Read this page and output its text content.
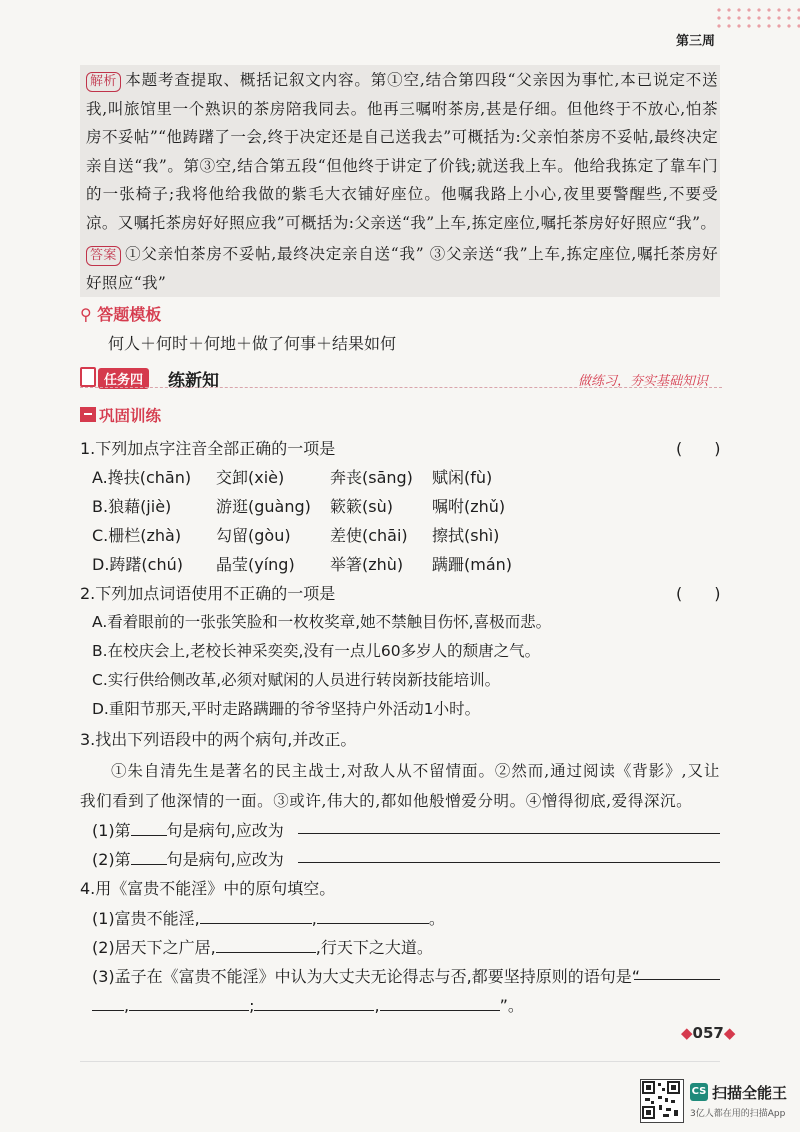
第三周
解析 本题考查提取、概括记叙文内容。第①空,结合第四段“父亲因为事忙,本已说定不送我,叫旅馆里一个熟识的茶房陪我同去。他再三嘱咐茶房,甚是仔细。但他终于不放心,怕茶房不妥帖”“他踌躇了一会,终于决定还是自己送我去”可概括为:父亲怕茶房不妥帖,最终决定亲自送“我”。第③空,结合第五段“但他终于讲定了价钱;就送我上车。他给我拣定了靠车门的一张椅子;我将他给我做的紫毛大衣铺好座位。他嘱我路上小心,夜里要警醒些,不要受凉。又嘱托茶房好好照应我”可概括为:父亲送“我”上车,拣定座位,嘱托茶房好好照应“我”。
答案 ①父亲怕茶房不妥帖,最终决定亲自送“我” ③父亲送“我”上车,拣定座位,嘱托茶房好好照应“我”
⚲ 答题模板
何人＋何时＋何地＋做了何事＋结果如何
任务四	练新知	做练习，夯实基础知识
巩固训练
1.下列加点字注音全部正确的一项是	(　　)
A.搀扶(chān) 交卸(xiè)	奔丧(sāng) 赋闲(fù)
B.狼藉(jiè)	游逛(guàng) 簌簌(sù) 嘱咐(zhǔ)
C.栅栏(zhà) 勾留(gòu) 差使(chāi) 擦拭(shì)
D.踌躇(chú) 晶莹(yíng) 举箸(zhù) 蹒跚(mán)
2.下列加点词语使用不正确的一项是	(　　)
A.看着眼前的一张张笑脸和一枚枚奖章,她不禁触目伤怀,喜极而悲。
B.在校庆会上,老校长神采奕奕,没有一点儿60多岁人的颓唐之气。
C.实行供给侧改革,必须对赋闲的人员进行转岗新技能培训。
D.重阳节那天,平时走路蹒跚的爷爷坚持户外活动1小时。
3.找出下列语段中的两个病句,并改正。
①朱自清先生是著名的民主战士,对敌人从不留情面。②然而,通过阅读《背影》,又让我们看到了他深情的一面。③或许,伟大的,都如他般憎爱分明。④憎得彻底,爱得深沉。
(1)第 句是病句,应改为
(2)第 句是病句,应改为
4.用《富贵不能淫》中的原句填空。
(1)富贵不能淫,	,	。
(2)居天下之广居,	,行天下之大道。
(3)孟子在《富贵不能淫》中认为大丈夫无论得志与否,都要坚持原则的语句是“
,	;	,	”。
◆057◆
CS 扫描全能王
3亿人都在用的扫描App
